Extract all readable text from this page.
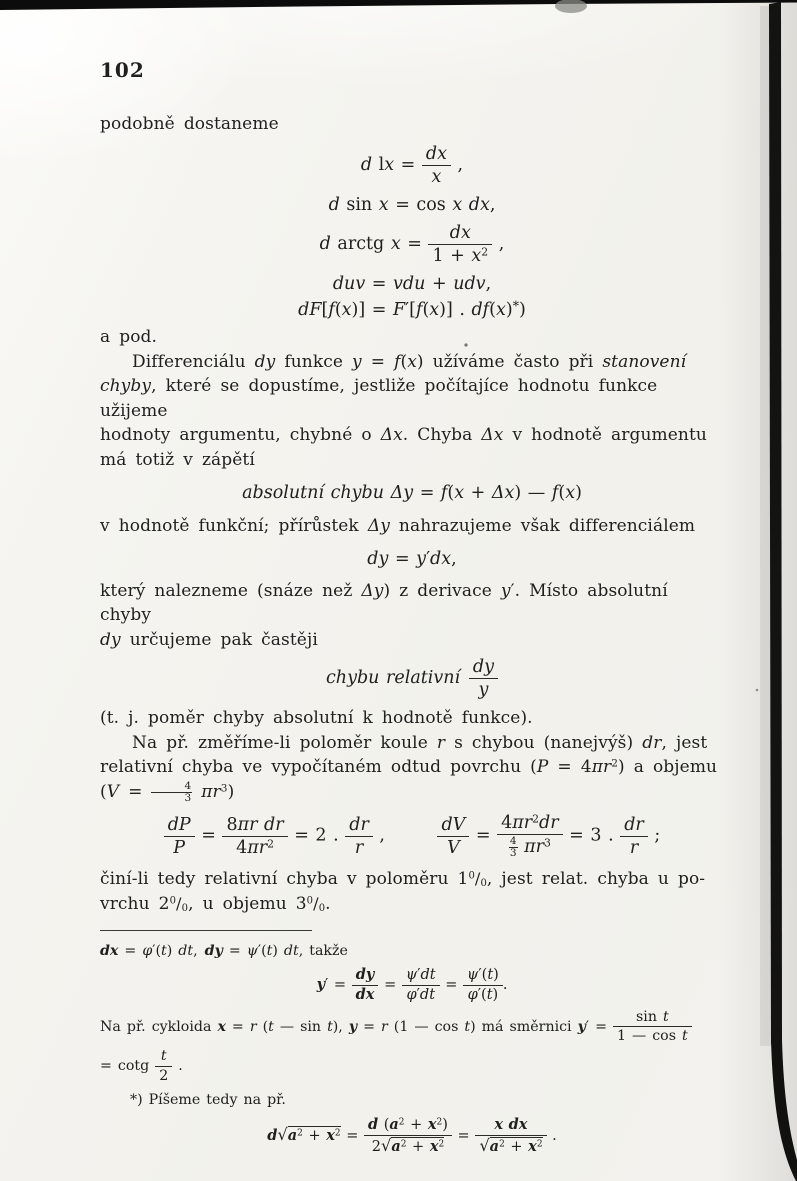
102
podobně dostaneme
d lx = $\frac{dx}{x}$ ,
d sin x = cos x dx,
d arctg $x = \frac{dx}{1 + x^2}$ ,
duv = vdu + udv,
dF[f(x)] = F′[f(x)] . df(x)*)
a pod.
Differenciálu dy funkce y = f(x) užíváme často při stanovení
chyby, které se dopustíme, jestliže počítajíce hodnotu funkce užijeme
hodnoty argumentu, chybné o Δx. Chyba Δx v hodnotě argumentu
má totiž v zápětí
absolutní chybu Δy = f(x + Δx) — f(x)
v hodnotě funkční; přírůstek Δy nahrazujeme však differenciálem
dy = y′dx,
který nalezneme (snáze než Δy) z derivace y′. Místo absolutní chyby
dy určujeme pak častěji
chybu relativní  $\frac{dy}{y}$
(t. j. poměr chyby absolutní k hodnotě funkce).
Na př. změříme-li poloměr koule r s chybou (nanejvýš) dr, jest
relativní chyba ve vypočítaném odtud povrchu $(P = 4\pi r^2)$ a objemu
$(V = \frac{4}{3} \pi r^3)$
$\frac{dP}{P} = \frac{\text{8πr dr}}{4\pi r^2} = 2$ . $\frac{dr}{r}$ ,    $\frac{dV}{V} = \frac{4\pi r^2dr}{\frac{4}{3} \pi r^3} = 3$ . $\frac{dr}{r}$ ;
činí-li tedy relativní chyba v poloměru $1^0/_0$, jest relat. chyba u po-
vrchu $2^0/_0$, u objemu $3^0/_0$.
dx = φ′(t) dt, dy = ψ′(t) dt, takže
$y' = \frac{dy}{dx} = \frac{\psi'dt}{\varphi'dt} = \frac{\psi'(t)}{\varphi'(t)}$ .
Na př. cykloida x = r (t — sin t), y = r (1 — cos t) má směrnici $y' = \frac{\text{sin t}}{\text{1 — cos t}}$
= cotg $\frac{t}{2}$ .
*) Píšeme tedy na př.
$d√a^2 + x^2 = \frac{d (a^2 + x^2)}{2√a^2 + x^2} = \frac{\text{x dx}}{√a^2 + x^2}$ .
